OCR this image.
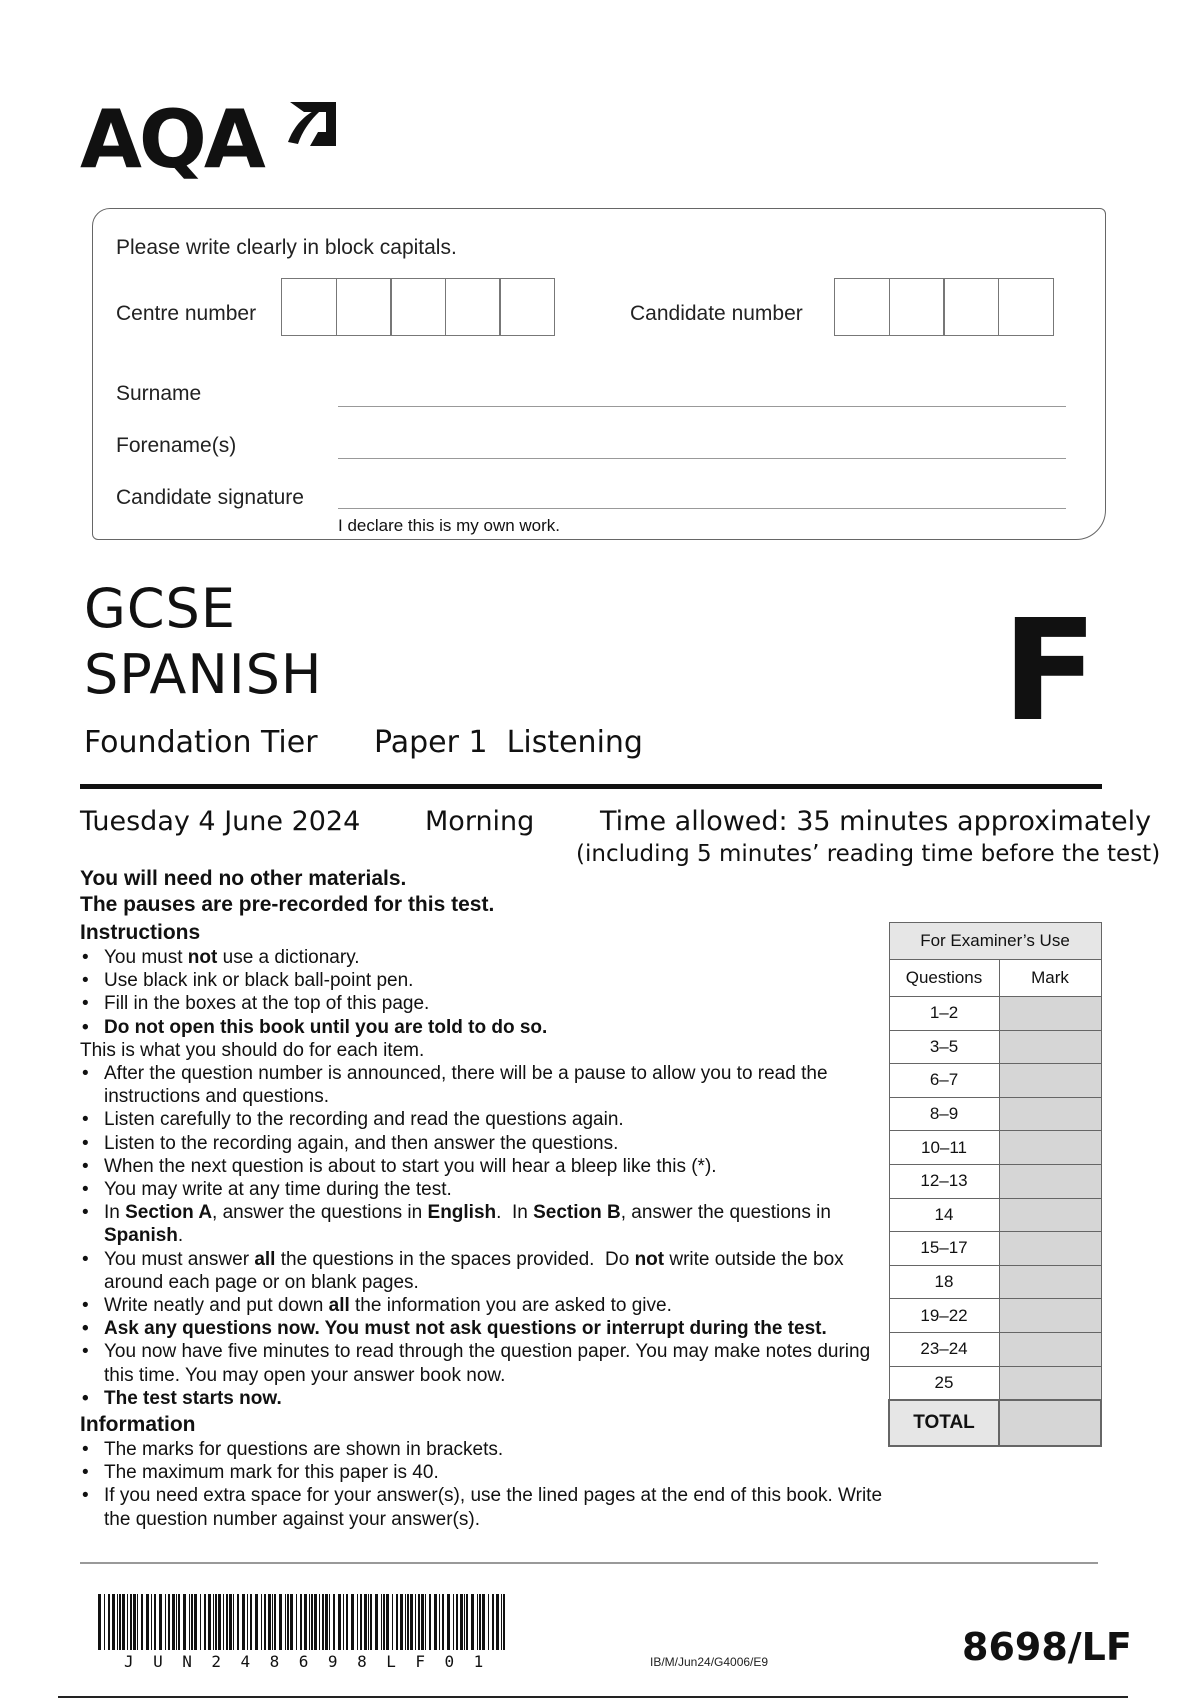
AQA
Please write clearly in block capitals.
Centre number	Candidate number
Surname
Forename(s)
Candidate signature
I declare this is my own work.
GCSE
SPANISH	F
Foundation Tier Paper 1  Listening
Tuesday 4 June 2024 Morning Time allowed: 35 minutes approximately
(including 5 minutes’ reading time before the test)
You will need no other materials.
The pauses are pre-recorded for this test.
Instructions
• You must not use a dictionary.
• Use black ink or black ball-point pen.
• Fill in the boxes at the top of this page.
• Do not open this book until you are told to do so.
This is what you should do for each item.
• After the question number is announced, there will be a pause to allow you to read the instructions and questions.
• Listen carefully to the recording and read the questions again.
• Listen to the recording again, and then answer the questions.
• When the next question is about to start you will hear a bleep like this (*).
• You may write at any time during the test.
• In Section A, answer the questions in English.  In Section B, answer the questions in Spanish.
• You must answer all the questions in the spaces provided.  Do not write outside the box around each page or on blank pages.
• Write neatly and put down all the information you are asked to give.
• Ask any questions now. You must not ask questions or interrupt during the test.
• You now have five minutes to read through the question paper. You may make notes during this time. You may open your answer book now.
• The test starts now.
Information
• The marks for questions are shown in brackets.
• The maximum mark for this paper is 40.
• If you need extra space for your answer(s), use the lined pages at the end of this book. Write the question number against your answer(s).
For Examiner’s Use	
Questions	Mark
1–2	
3–5	
6–7	
8–9	
10–11	
12–13	
14	
15–17	
18	
19–22	
23–24	
25	
TOTAL	
JUN248698LF01	IB/M/Jun24/G4006/E9	8698/LF
